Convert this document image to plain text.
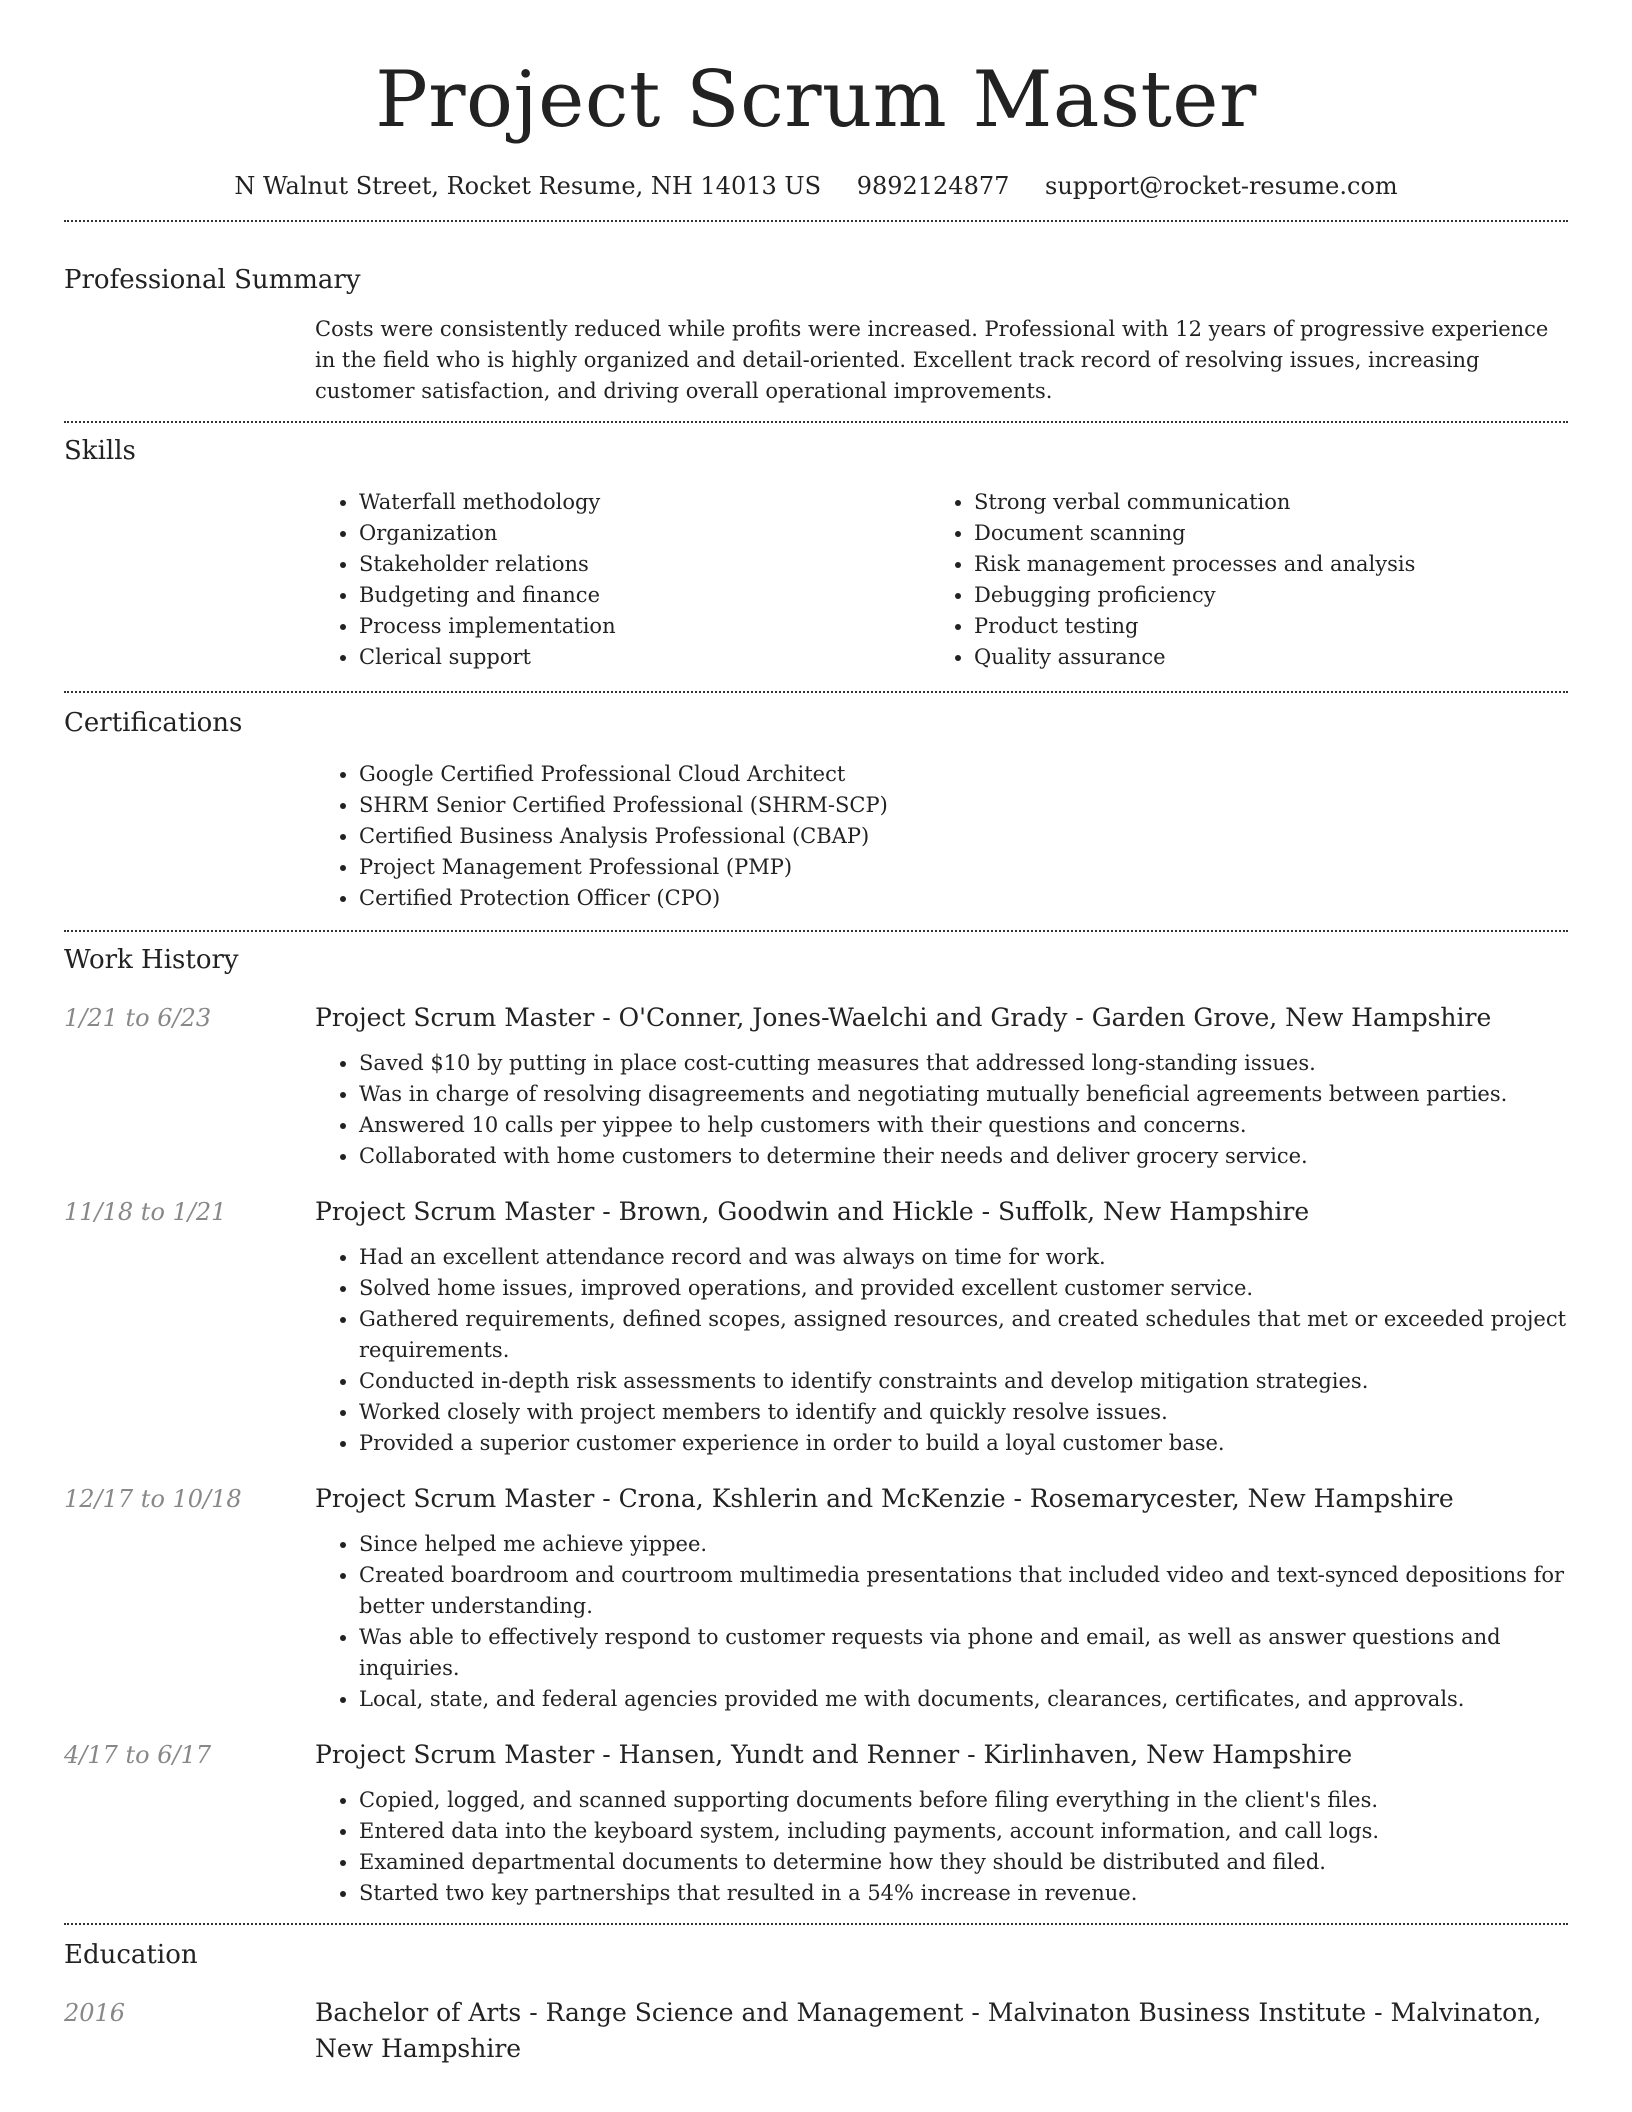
Project Scrum Master
N Walnut Street, Rocket Resume, NH 14013 US 9892124877 support@rocket-resume.com
Professional Summary

Costs were consistently reduced while profits were increased. Professional with 12 years of progressive experience in the field who is highly organized and detail-oriented. Excellent track record of resolving issues, increasing customer satisfaction, and driving overall operational improvements.

Skills
• Waterfall methodology
• Organization
• Stakeholder relations
• Budgeting and finance
• Process implementation
• Clerical support
• Strong verbal communication
• Document scanning
• Risk management processes and analysis
• Debugging proficiency
• Product testing
• Quality assurance
Certifications
• Google Certified Professional Cloud Architect
• SHRM Senior Certified Professional (SHRM-SCP)
• Certified Business Analysis Professional (CBAP)
• Project Management Professional (PMP)
• Certified Protection Officer (CPO)
Work History
1/21 to 6/23	Project Scrum Master - O'Conner, Jones-Waelchi and Grady - Garden Grove, New Hampshire
• Saved $10 by putting in place cost-cutting measures that addressed long-standing issues.
• Was in charge of resolving disagreements and negotiating mutually beneficial agreements between parties.
• Answered 10 calls per yippee to help customers with their questions and concerns.
• Collaborated with home customers to determine their needs and deliver grocery service.
11/18 to 1/21	Project Scrum Master - Brown, Goodwin and Hickle - Suffolk, New Hampshire
• Had an excellent attendance record and was always on time for work.
• Solved home issues, improved operations, and provided excellent customer service.
• Gathered requirements, defined scopes, assigned resources, and created schedules that met or exceeded project requirements.
• Conducted in-depth risk assessments to identify constraints and develop mitigation strategies.
• Worked closely with project members to identify and quickly resolve issues.
• Provided a superior customer experience in order to build a loyal customer base.
12/17 to 10/18	Project Scrum Master - Crona, Kshlerin and McKenzie - Rosemarycester, New Hampshire
• Since helped me achieve yippee.
• Created boardroom and courtroom multimedia presentations that included video and text-synced depositions for better understanding.
• Was able to effectively respond to customer requests via phone and email, as well as answer questions and inquiries.
• Local, state, and federal agencies provided me with documents, clearances, certificates, and approvals.
4/17 to 6/17	Project Scrum Master - Hansen, Yundt and Renner - Kirlinhaven, New Hampshire
• Copied, logged, and scanned supporting documents before filing everything in the client's files.
• Entered data into the keyboard system, including payments, account information, and call logs.
• Examined departmental documents to determine how they should be distributed and filed.
• Started two key partnerships that resulted in a 54% increase in revenue.
Education
2016	Bachelor of Arts - Range Science and Management - Malvinaton Business Institute - Malvinaton, New Hampshire
